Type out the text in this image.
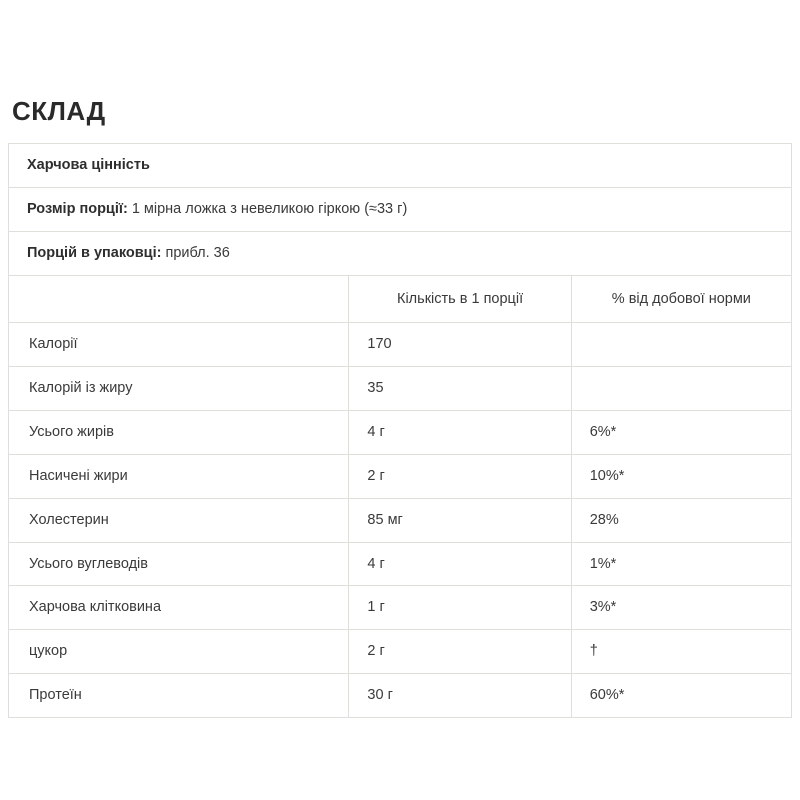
СКЛАД
Харчова цінність		

Розмір порції: 1 мірна ложка з невеликою гіркою (≈33 г)		

Порцій в упаковці: прибл. 36		

	Кількість в 1 порції	% від добової норми

Калорії	170	

Калорій із жиру	35	

Усього жирів	4 г	6%*

Насичені жири	2 г	10%*

Холестерин	85 мг	28%

Усього вуглеводів	4 г	1%*

Харчова клітковина	1 г	3%*

цукор	2 г	†

Протеїн	30 г	60%*
